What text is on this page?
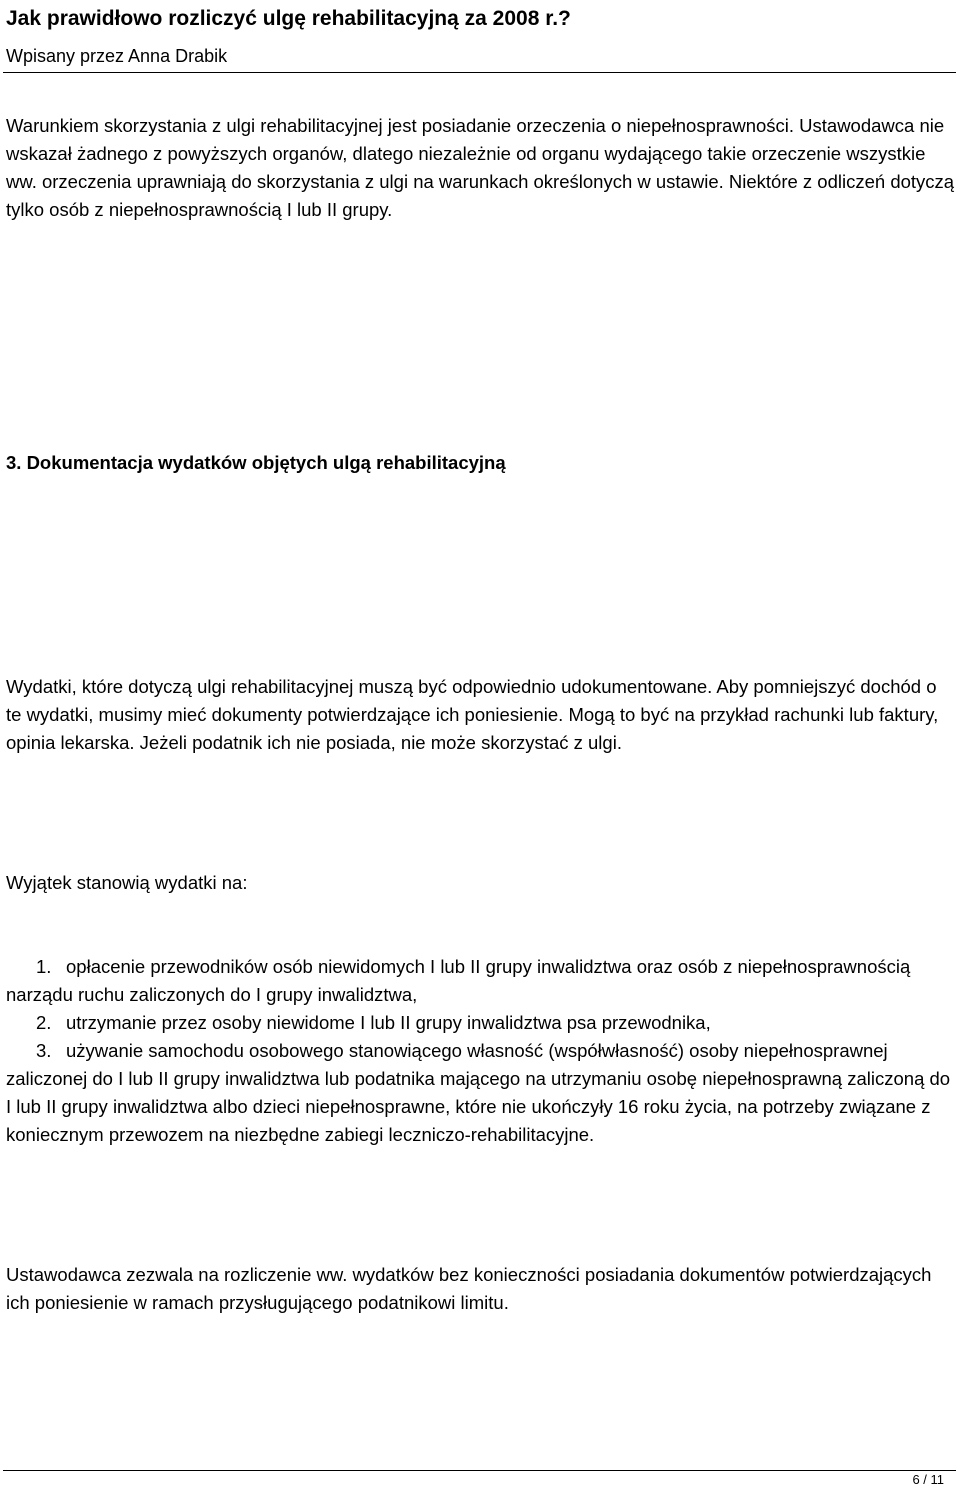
Jak prawidłowo rozliczyć ulgę rehabilitacyjną za 2008 r.?
Wpisany przez Anna Drabik

Warunkiem skorzystania z ulgi rehabilitacyjnej jest posiadanie orzeczenia o niepełnosprawności. Ustawodawca nie wskazał żadnego z powyższych organów, dlatego niezależnie od organu wydającego takie orzeczenie wszystkie ww. orzeczenia uprawniają do skorzystania z ulgi na warunkach określonych w ustawie. Niektóre z odliczeń dotyczą tylko osób z niepełnosprawnością I lub II grupy.

3. Dokumentacja wydatków objętych ulgą rehabilitacyjną

Wydatki, które dotyczą ulgi rehabilitacyjnej muszą być odpowiednio udokumentowane. Aby pomniejszyć dochód o te wydatki, musimy mieć dokumenty potwierdzające ich poniesienie. Mogą to być na przykład rachunki lub faktury, opinia lekarska. Jeżeli podatnik ich nie posiada, nie może skorzystać z ulgi.

Wyjątek stanowią wydatki na:

1. opłacenie przewodników osób niewidomych I lub II grupy inwalidztwa oraz osób z niepełnosprawnością narządu ruchu zaliczonych do I grupy inwalidztwa,
2. utrzymanie przez osoby niewidome I lub II grupy inwalidztwa psa przewodnika,
3. używanie samochodu osobowego stanowiącego własność (współwłasność) osoby niepełnosprawnej zaliczonej do I lub II grupy inwalidztwa lub podatnika mającego na utrzymaniu osobę niepełnosprawną zaliczoną do I lub II grupy inwalidztwa albo dzieci niepełnosprawne, które nie ukończyły 16 roku życia, na potrzeby związane z koniecznym przewozem na niezbędne zabiegi leczniczo-rehabilitacyjne.

Ustawodawca zezwala na rozliczenie ww. wydatków bez konieczności posiadania dokumentów potwierdzających ich poniesienie w ramach przysługującego podatnikowi limitu.

6 / 11
